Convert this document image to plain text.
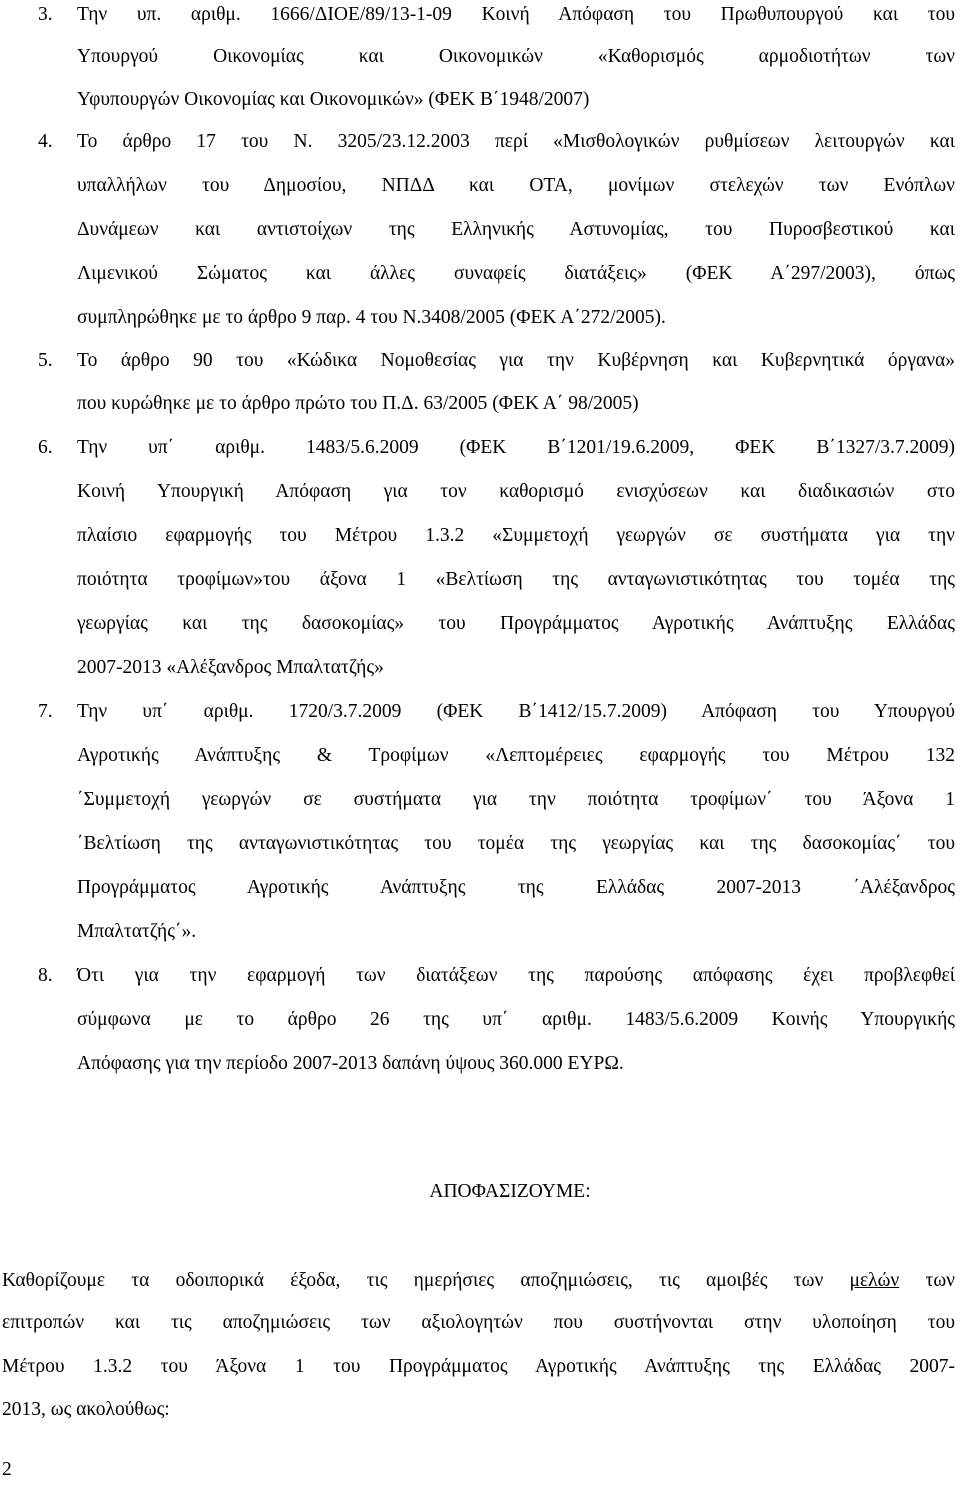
3. Την υπ. αριθμ. 1666/ΔΙΟΕ/89/13-1-09 Κοινή Απόφαση του Πρωθυπουργού και του
Υπουργού Οικονομίας και Οικονομικών «Καθορισμός αρμοδιοτήτων των
Υφυπουργών Οικονομίας και Οικονομικών» (ΦΕΚ Β΄1948/2007)
4. Το άρθρο 17 του Ν. 3205/23.12.2003 περί «Μισθολογικών ρυθμίσεων λειτουργών και
υπαλλήλων του Δημοσίου, ΝΠΔΔ και ΟΤΑ, μονίμων στελεχών των Ενόπλων
Δυνάμεων και αντιστοίχων της Ελληνικής Αστυνομίας, του Πυροσβεστικού και
Λιμενικού Σώματος και άλλες συναφείς διατάξεις» (ΦΕΚ Α΄297/2003), όπως
συμπληρώθηκε με το άρθρο 9 παρ. 4 του Ν.3408/2005 (ΦΕΚ Α΄272/2005).
5. Το άρθρο 90 του «Κώδικα Νομοθεσίας για την Κυβέρνηση και Κυβερνητικά όργανα»
που κυρώθηκε με το άρθρο πρώτο του Π.Δ. 63/2005 (ΦΕΚ Α΄ 98/2005)
6. Την υπ΄ αριθμ. 1483/5.6.2009 (ΦΕΚ Β΄1201/19.6.2009, ΦΕΚ Β΄1327/3.7.2009)
Κοινή Υπουργική Απόφαση για τον καθορισμό ενισχύσεων και διαδικασιών στο
πλαίσιο εφαρμογής του Μέτρου 1.3.2 «Συμμετοχή γεωργών σε συστήματα για την
ποιότητα τροφίμων»του άξονα 1 «Βελτίωση της ανταγωνιστικότητας του τομέα της
γεωργίας και της δασοκομίας» του Προγράμματος Αγροτικής Ανάπτυξης Ελλάδας
2007-2013 «Αλέξανδρος Μπαλτατζής»
7. Την υπ΄ αριθμ. 1720/3.7.2009 (ΦΕΚ Β΄1412/15.7.2009) Απόφαση του Υπουργού
Αγροτικής Ανάπτυξης & Τροφίμων «Λεπτομέρειες εφαρμογής του Μέτρου 132
΄Συμμετοχή γεωργών σε συστήματα για την ποιότητα τροφίμων΄ του Άξονα 1
΄Βελτίωση της ανταγωνιστικότητας του τομέα της γεωργίας και της δασοκομίας΄ του
Προγράμματος Αγροτικής Ανάπτυξης της Ελλάδας 2007-2013 ΄Αλέξανδρος
Μπαλτατζής΄».
8. Ότι για την εφαρμογή των διατάξεων της παρούσης απόφασης έχει προβλεφθεί
σύμφωνα με το άρθρο 26 της υπ΄ αριθμ. 1483/5.6.2009 Κοινής Υπουργικής
Απόφασης για την περίοδο 2007-2013 δαπάνη ύψους 360.000 ΕΥΡΩ.
ΑΠΟΦΑΣΙΖΟΥΜΕ:
Καθορίζουμε τα οδοιπορικά έξοδα, τις ημερήσιες αποζημιώσεις, τις αμοιβές των μελών των
επιτροπών και τις αποζημιώσεις των αξιολογητών που συστήνονται στην υλοποίηση του
Μέτρου 1.3.2 του Άξονα 1 του Προγράμματος Αγροτικής Ανάπτυξης της Ελλάδας 2007-
2013, ως ακολούθως:
2
